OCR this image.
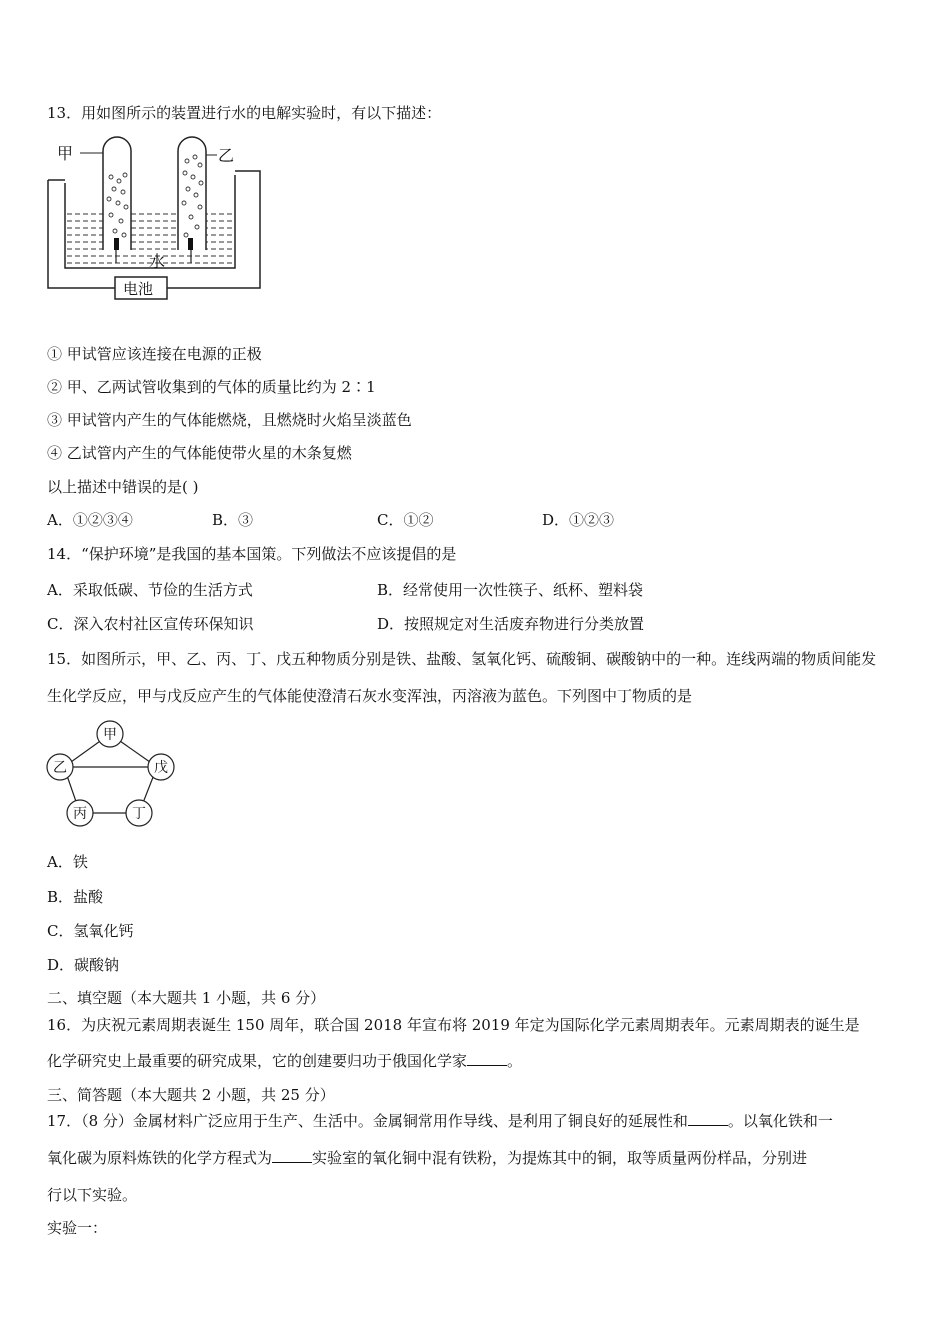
13．用如图所示的装置进行水的电解实验时，有以下描述：
甲	乙
水
电池
① 甲试管应该连接在电源的正极
② 甲、乙两试管收集到的气体的质量比约为 2∶1
③ 甲试管内产生的气体能燃烧，且燃烧时火焰呈淡蓝色
④ 乙试管内产生的气体能使带火星的木条复燃
以上描述中错误的是( )
A．①②③④	B．③	C．①②	D．①②③
14．“保护环境”是我国的基本国策。下列做法不应该提倡的是
A．采取低碳、节俭的生活方式	B．经常使用一次性筷子、纸杯、塑料袋
C．深入农村社区宣传环保知识	D．按照规定对生活废弃物进行分类放置
15．如图所示，甲、乙、丙、丁、戊五种物质分别是铁、盐酸、氢氧化钙、硫酸铜、碳酸钠中的一种。连线两端的物质间能发
生化学反应，甲与戊反应产生的气体能使澄清石灰水变浑浊，丙溶液为蓝色。下列图中丁物质的是
甲
乙	戊
丙	丁
A．铁
B．盐酸
C．氢氧化钙
D．碳酸钠
二、填空题（本大题共 1 小题，共 6 分）
16．为庆祝元素周期表诞生 150 周年，联合国 2018 年宣布将 2019 年定为国际化学元素周期表年。元素周期表的诞生是
化学研究史上最重要的研究成果，它的创建要归功于俄国化学家	。
三、简答题（本大题共 2 小题，共 25 分）
17．（8 分）金属材料广泛应用于生产、生活中。金属铜常用作导线、是利用了铜良好的延展性和	。以氧化铁和一
氧化碳为原料炼铁的化学方程式为	实验室的氧化铜中混有铁粉，为提炼其中的铜，取等质量两份样品，分别进
行以下实验。
实验一：
